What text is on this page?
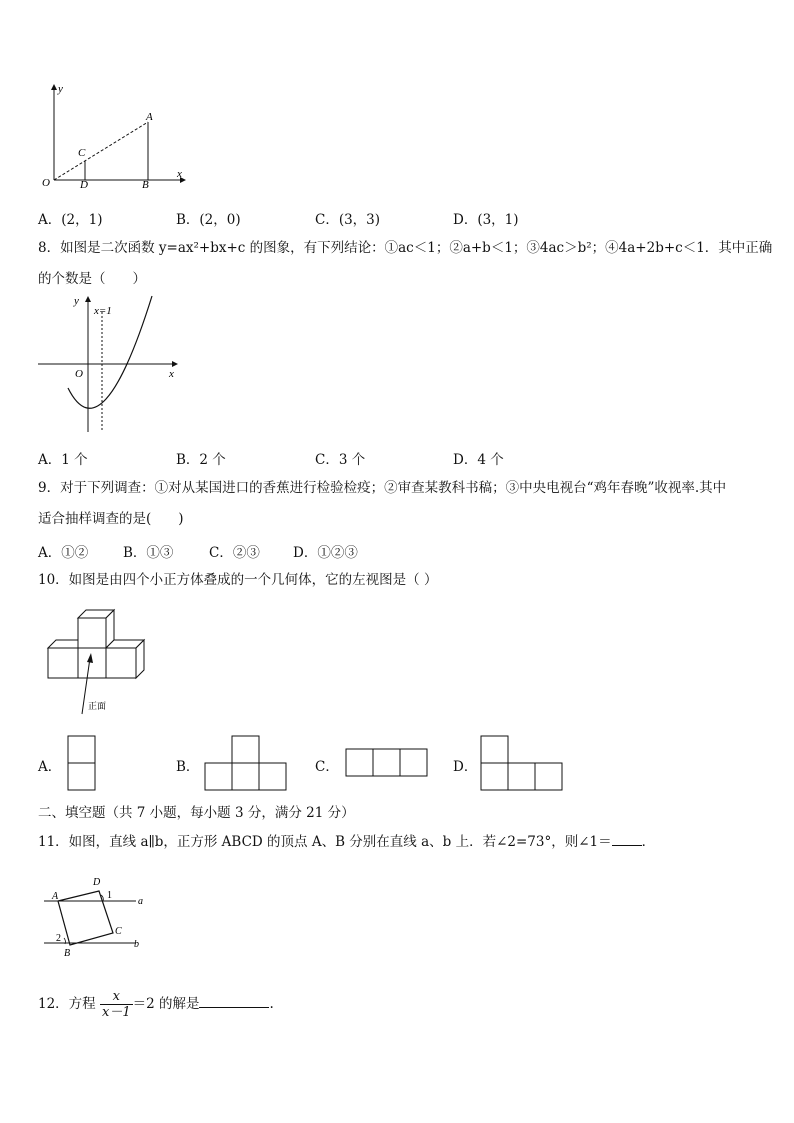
y
x
O
A
B
C
D
A．(2，1)	B．(2，0)	C．(3，3)	D．(3，1)
8．如图是二次函数 y=ax²+bx+c 的图象，有下列结论：①ac＜1；②a+b＜1；③4ac＞b²；④4a+2b+c＜1．其中正确
的个数是（　　）
y
x
O
x=1
A．1 个	B．2 个	C．3 个	D．4 个
9．对于下列调查：①对从某国进口的香蕉进行检验检疫；②审查某教科书稿；③中央电视台“鸡年春晚”收视率.其中
适合抽样调查的是(　　)
A．①②	B．①③	C．②③ D．①②③
10．如图是由四个小正方体叠成的一个几何体，它的左视图是（ ）
正面
A．	B．	C．	D．
二、填空题（共 7 小题，每小题 3 分，满分 21 分）
11．如图，直线 a∥b，正方形 ABCD 的顶点 A、B 分别在直线 a、b 上．若∠2=73°，则∠1＝ ．
A
B
C
D
1
2
a
b
12．方程 $\frac{x}{x-1} =2$ 的解是	.
